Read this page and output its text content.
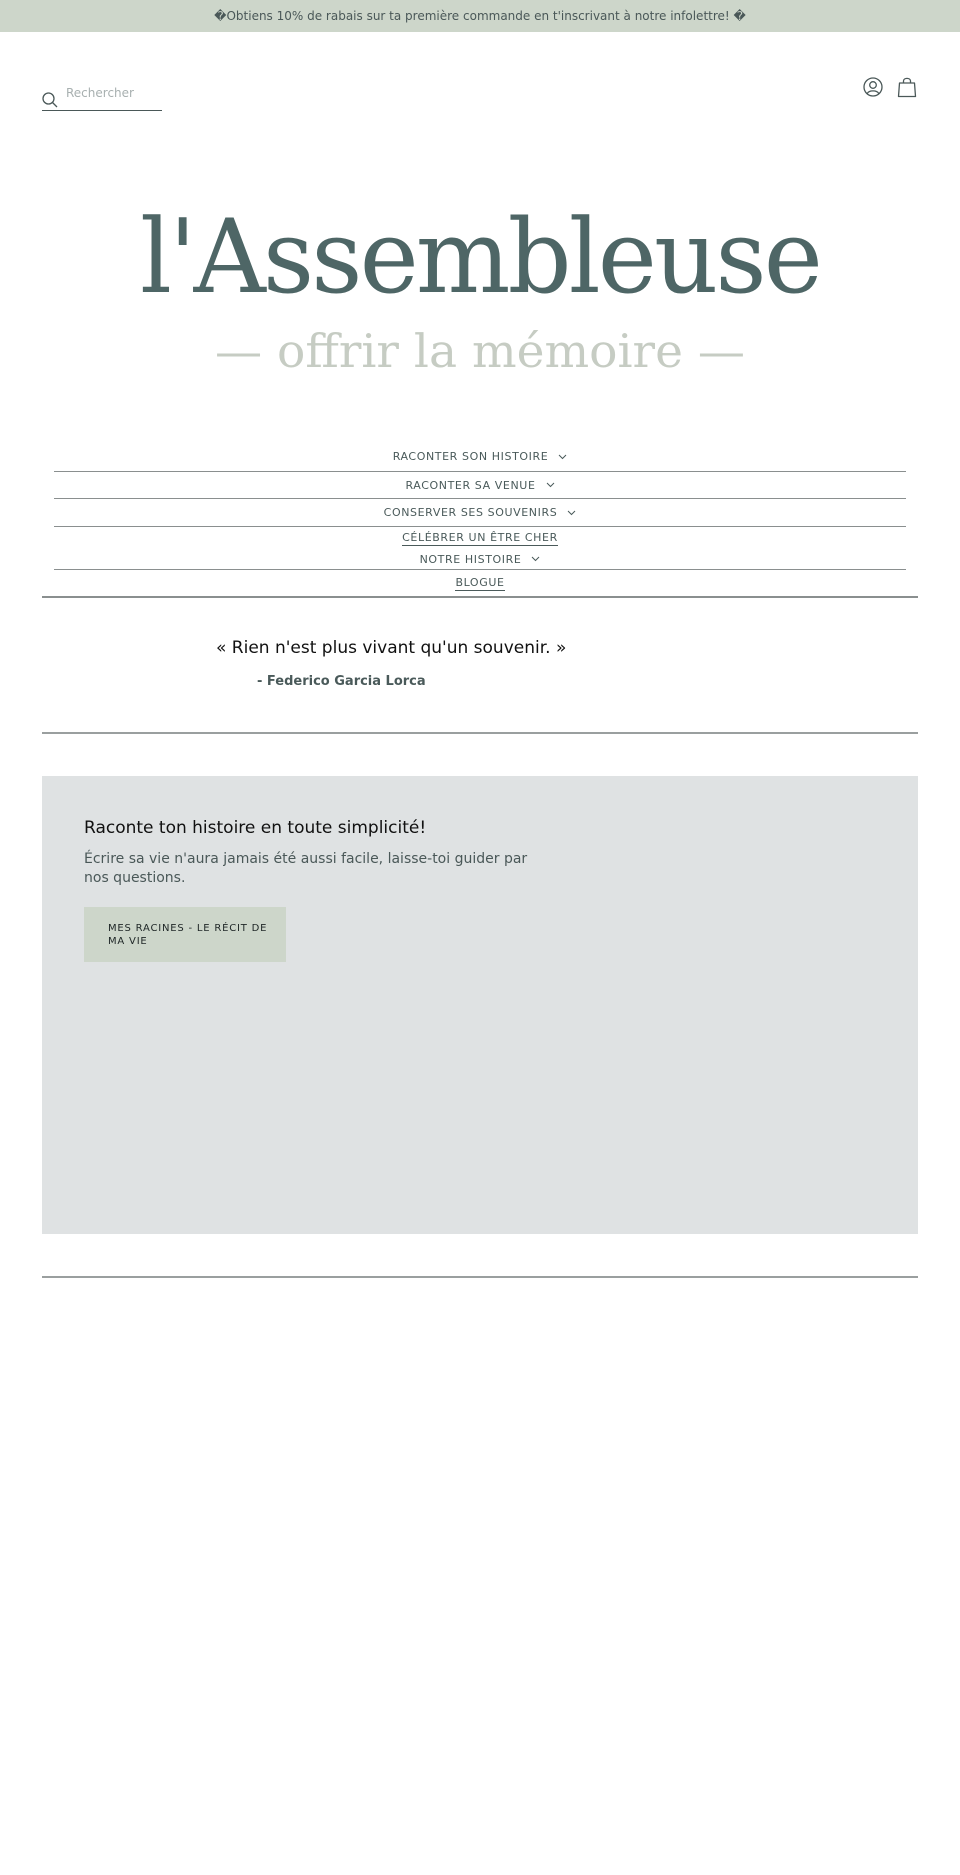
�Obtiens 10% de rabais sur ta première commande en t'inscrivant à notre infolettre! �
Rechercher
l'Assembleuse
— offrir la mémoire —
RACONTER SON HISTOIRE
RACONTER SA VENUE
CONSERVER SES SOUVENIRS
CÉLÉBRER UN ÊTRE CHER
NOTRE HISTOIRE
BLOGUE
« Rien n'est plus vivant qu'un souvenir. »
- Federico Garcia Lorca
Raconte ton histoire en toute simplicité!
Écrire sa vie n'aura jamais été aussi facile, laisse-toi guider par nos questions.
MES RACINES - LE RÉCIT DE MA VIE
